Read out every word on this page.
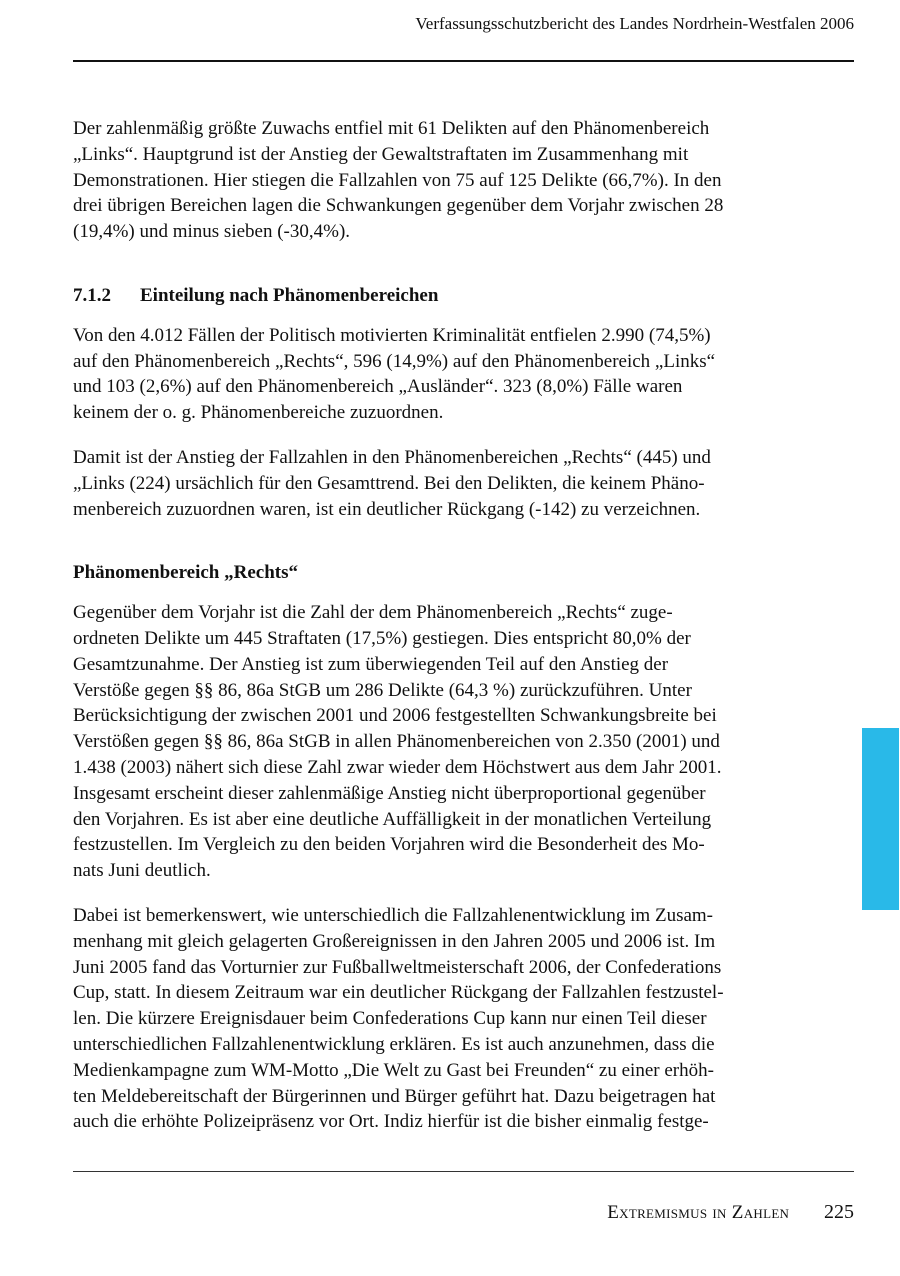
Verfassungsschutzbericht des Landes Nordrhein-Westfalen 2006

Der zahlenmäßig größte Zuwachs entfiel mit 61 Delikten auf den Phänomenbereich
„Links“. Hauptgrund ist der Anstieg der Gewaltstraftaten im Zusammenhang mit
Demonstrationen. Hier stiegen die Fallzahlen von 75 auf 125 Delikte (66,7%). In den
drei übrigen Bereichen lagen die Schwankungen gegenüber dem Vorjahr zwischen 28
(19,4%) und minus sieben (-30,4%).

7.1.2 Einteilung nach Phänomenbereichen

Von den 4.012 Fällen der Politisch motivierten Kriminalität entfielen 2.990 (74,5%)
auf den Phänomenbereich „Rechts“, 596 (14,9%) auf den Phänomenbereich „Links“
und 103 (2,6%) auf den Phänomenbereich „Ausländer“. 323 (8,0%) Fälle waren
keinem der o. g. Phänomenbereiche zuzuordnen.

Damit ist der Anstieg der Fallzahlen in den Phänomenbereichen „Rechts“ (445) und
„Links (224) ursächlich für den Gesamttrend. Bei den Delikten, die keinem Phäno-
menbereich zuzuordnen waren, ist ein deutlicher Rückgang (-142) zu verzeichnen.

Phänomenbereich „Rechts“

Gegenüber dem Vorjahr ist die Zahl der dem Phänomenbereich „Rechts“ zuge-
ordneten Delikte um 445 Straftaten (17,5%) gestiegen. Dies entspricht 80,0% der
Gesamtzunahme. Der Anstieg ist zum überwiegenden Teil auf den Anstieg der
Verstöße gegen §§ 86, 86a StGB um 286 Delikte (64,3 %) zurückzuführen. Unter
Berücksichtigung der zwischen 2001 und 2006 festgestellten Schwankungsbreite bei
Verstößen gegen §§ 86, 86a StGB in allen Phänomenbereichen von 2.350 (2001) und
1.438 (2003) nähert sich diese Zahl zwar wieder dem Höchstwert aus dem Jahr 2001.
Insgesamt erscheint dieser zahlenmäßige Anstieg nicht überproportional gegenüber
den Vorjahren. Es ist aber eine deutliche Auffälligkeit in der monatlichen Verteilung
festzustellen. Im Vergleich zu den beiden Vorjahren wird die Besonderheit des Mo-
nats Juni deutlich.

Dabei ist bemerkenswert, wie unterschiedlich die Fallzahlenentwicklung im Zusam-
menhang mit gleich gelagerten Großereignissen in den Jahren 2005 und 2006 ist. Im
Juni 2005 fand das Vorturnier zur Fußballweltmeisterschaft 2006, der Confederations
Cup, statt. In diesem Zeitraum war ein deutlicher Rückgang der Fallzahlen festzustel-
len. Die kürzere Ereignisdauer beim Confederations Cup kann nur einen Teil dieser
unterschiedlichen Fallzahlenentwicklung erklären. Es ist auch anzunehmen, dass die
Medienkampagne zum WM-Motto „Die Welt zu Gast bei Freunden“ zu einer erhöh-
ten Meldebereitschaft der Bürgerinnen und Bürger geführt hat. Dazu beigetragen hat
auch die erhöhte Polizeipräsenz vor Ort. Indiz hierfür ist die bisher einmalig festge-

Extremismus in Zahlen 225
